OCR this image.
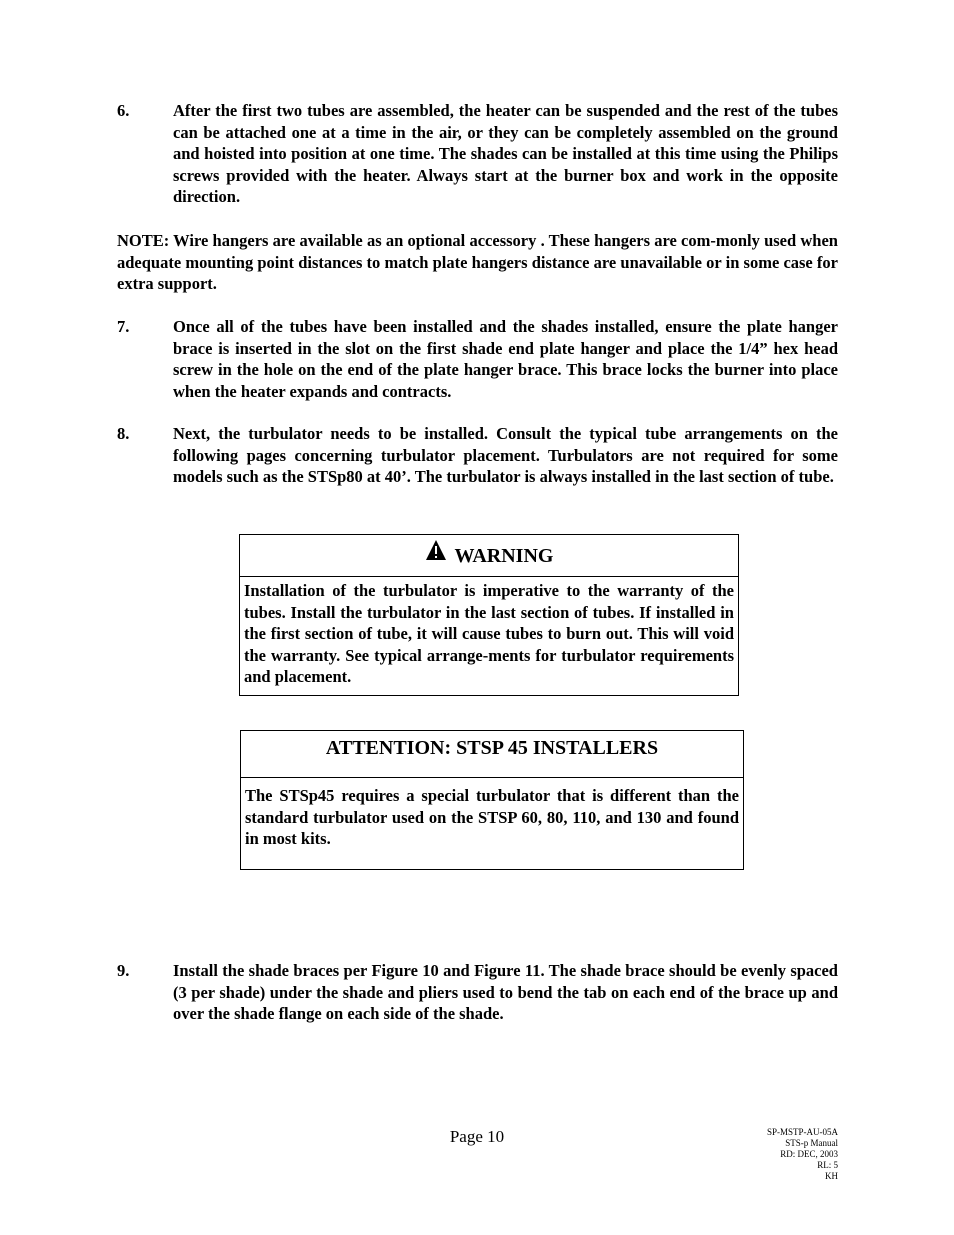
6.	After the first two tubes are assembled, the heater can be suspended and the rest of the tubes can be attached one at a time in the air, or they can be completely assembled on the ground and hoisted into position at one time. The shades can be installed at this time using the Philips screws provided with the heater. Always start at the burner box and work in the opposite direction.
NOTE: Wire hangers are available as an optional accessory . These hangers are com-monly used when adequate mounting point distances to match plate hangers distance are unavailable or in some case for extra support.
7.	Once all of the tubes have been installed and the shades installed, ensure the plate hanger brace is inserted in the slot on the first shade end plate hanger and place the 1/4” hex head screw in the hole on the end of the plate hanger brace. This brace locks the burner into place when the heater expands and contracts.
8.	Next, the turbulator needs to be installed. Consult the typical tube arrangements on the following pages concerning turbulator placement. Turbulators are not required for some models such as the STSp80 at 40’. The turbulator is always installed in the last section of tube.
WARNING
Installation of the turbulator is imperative to the warranty of the tubes. Install the turbulator in the last section of tubes. If installed in the first section of tube, it will cause tubes to burn out. This will void the warranty. See typical arrange-ments for turbulator requirements and placement.
ATTENTION: STSP 45 INSTALLERS
The STSp45 requires a special turbulator that is different than the standard turbulator used on the STSP 60, 80, 110, and 130 and found in most kits.
9.	Install the shade braces per Figure 10 and Figure 11. The shade brace should be evenly spaced (3 per shade) under the shade and pliers used to bend the tab on each end of the brace up and over the shade flange on each side of the shade.
Page 10	SP-MSTP-AU-05A
STS-p Manual
RD: DEC, 2003
RL: 5
KH
